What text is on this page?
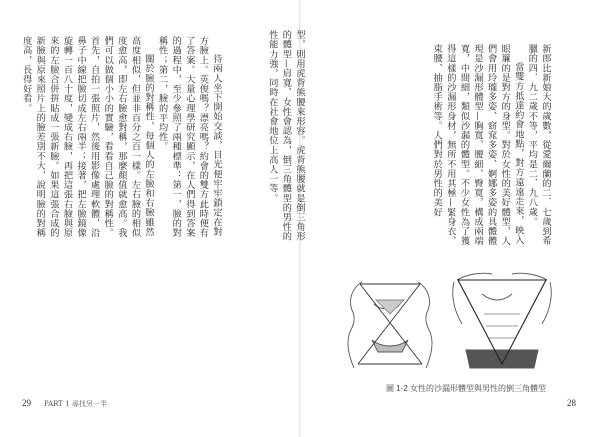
新郎比新娘大的歲數，從愛爾蘭的二．七歲到希臘的四．九二歲不等，平均是二．九八歲。

當雙方抵達約會地點，對方遠遠走來，映入眼簾的是對方的身型。對於女性的美好體型，人們會用玲瓏多姿、窈窕多姿、婀娜多姿的具體體現是沙漏形體型—胸寬、腰細、臀寬，構成兩端寬，中間細，類似沙漏的體型。不少女性為了獲得這樣的沙漏形身材，無所不用其極—緊身衣、束腰、抽脂手術等。人們對於男性的美好

圖 1-2 女性的沙漏形體型與男性的倒三角體型
28

型，則用虎背熊腰來形容。虎背熊腰就是倒三角形的體型—肩寬、女性會認為，倒三角體型的男性的性能力強，同時在社會地位上高人一等。

待兩人坐下開始交談，目光便牢牢鎖定在對方臉上。英俊嗎？漂亮嗎？約會的雙方此時便有了答案。大量心理學研究顯示，在人們得到答案的過程中，至少參照了兩種標準：第一，臉的對稱性；第二，臉的平均性。

關於臉的對稱性，每個人的左臉和右臉雖然高度相似，但並非百分之百一樣。左右臉的相似度愈高，即左右臉愈對稱，那麼顏值就愈高。我們可以做個小小的實驗，看看自己臉的對稱性。首先，自拍一張照片，然後用影像處理軟體，沿鼻子中線把臉切成左右兩半；接著，把左臉鏡像旋轉一百八十度，變成右臉，再把這張右臉與原來的左臉合併拼貼成一張新臉。如果這張合成的新臉與原來照片上的臉差別不大，說明臉的對稱度高，長得好看。

29 PART 1 尋找另一半
